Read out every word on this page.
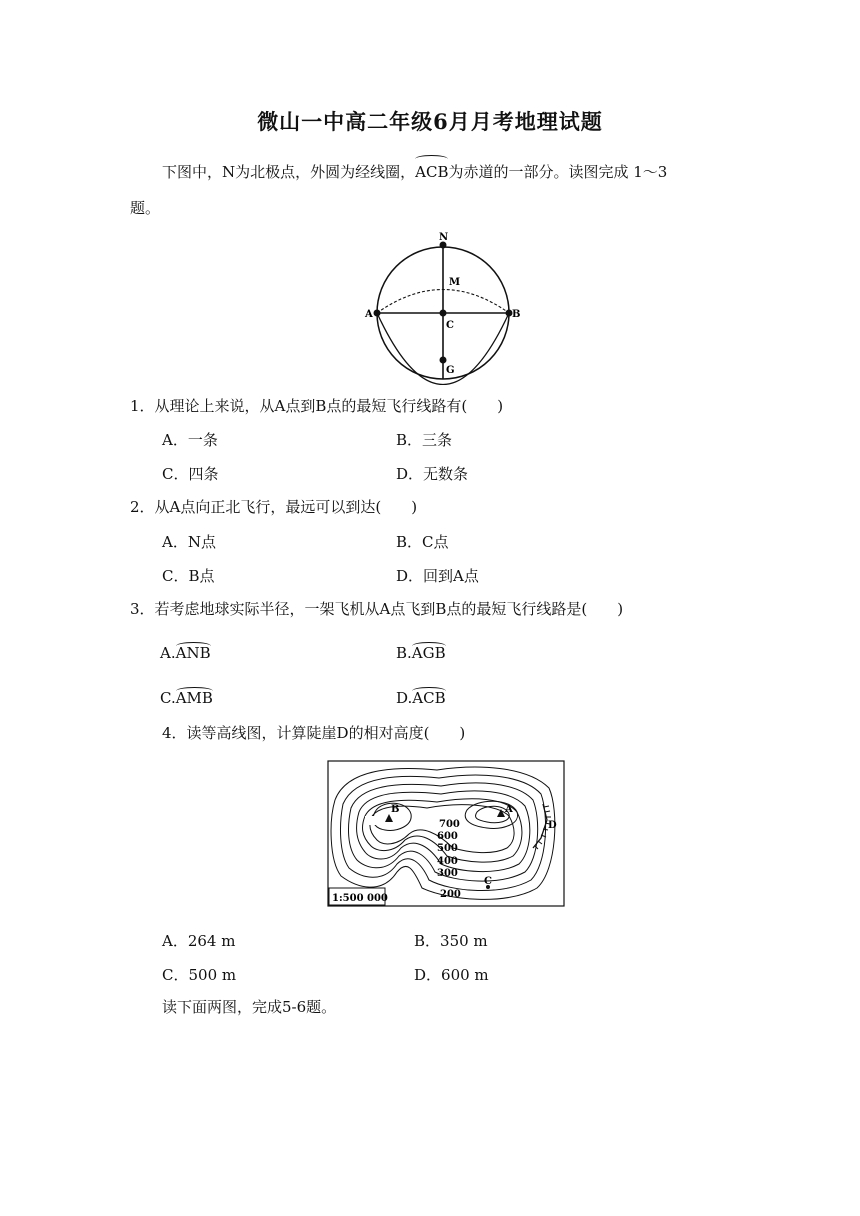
微山一中高二年级6月月考地理试题
下图中，N为北极点，外圆为经线圈，ACB为赤道的一部分。读图完成 1～3
题。
N
M
A	B
C
G
1．从理论上来说，从A点到B点的最短飞行线路有(　　)
A．一条	B．三条
C．四条	D．无数条
2．从A点向正北飞行，最远可以到达(　　)
A．N点	B．C点
C．B点	D．回到A点
3．若考虑地球实际半径，一架飞机从A点飞到B点的最短飞行线路是(　　)
A.ANB	B.AGB
C.AMB	D.ACB
4．读等高线图，计算陡崖D的相对高度(　　)
B	A
D
C
700
600
500
400
300
200
1:500 000
A．264 m	B．350 m
C．500 m	D．600 m
读下面两图，完成5-6题。
